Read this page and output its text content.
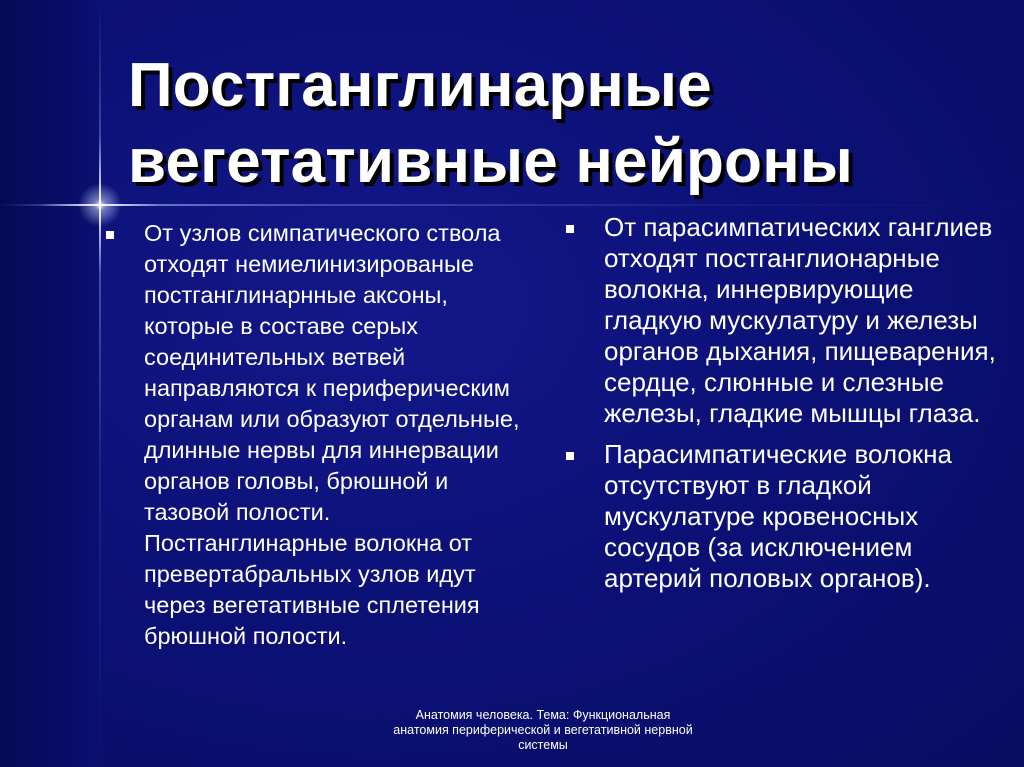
Постганглинарные вегетативные нейроны
От узлов симпатического ствола отходят немиелинизированые постганглинарнные аксоны, которые в составе серых соединительных ветвей направляются к периферическим органам или образуют отдельные, длинные нервы для иннервации органов головы, брюшной и тазовой полости. Постганглинарные волокна от превертабральных узлов идут через вегетативные сплетения брюшной полости.
От парасимпатических ганглиев отходят постганглионарные волокна, иннервирующие гладкую мускулатуру и железы органов дыхания, пищеварения, сердце, слюнные и слезные железы, гладкие мышцы глаза.
Парасимпатические волокна отсутствуют в гладкой мускулатуре кровеносных сосудов (за исключением артерий половых органов).
Анатомия человека. Тема: Функциональная анатомия периферической и вегетативной нервной системы
